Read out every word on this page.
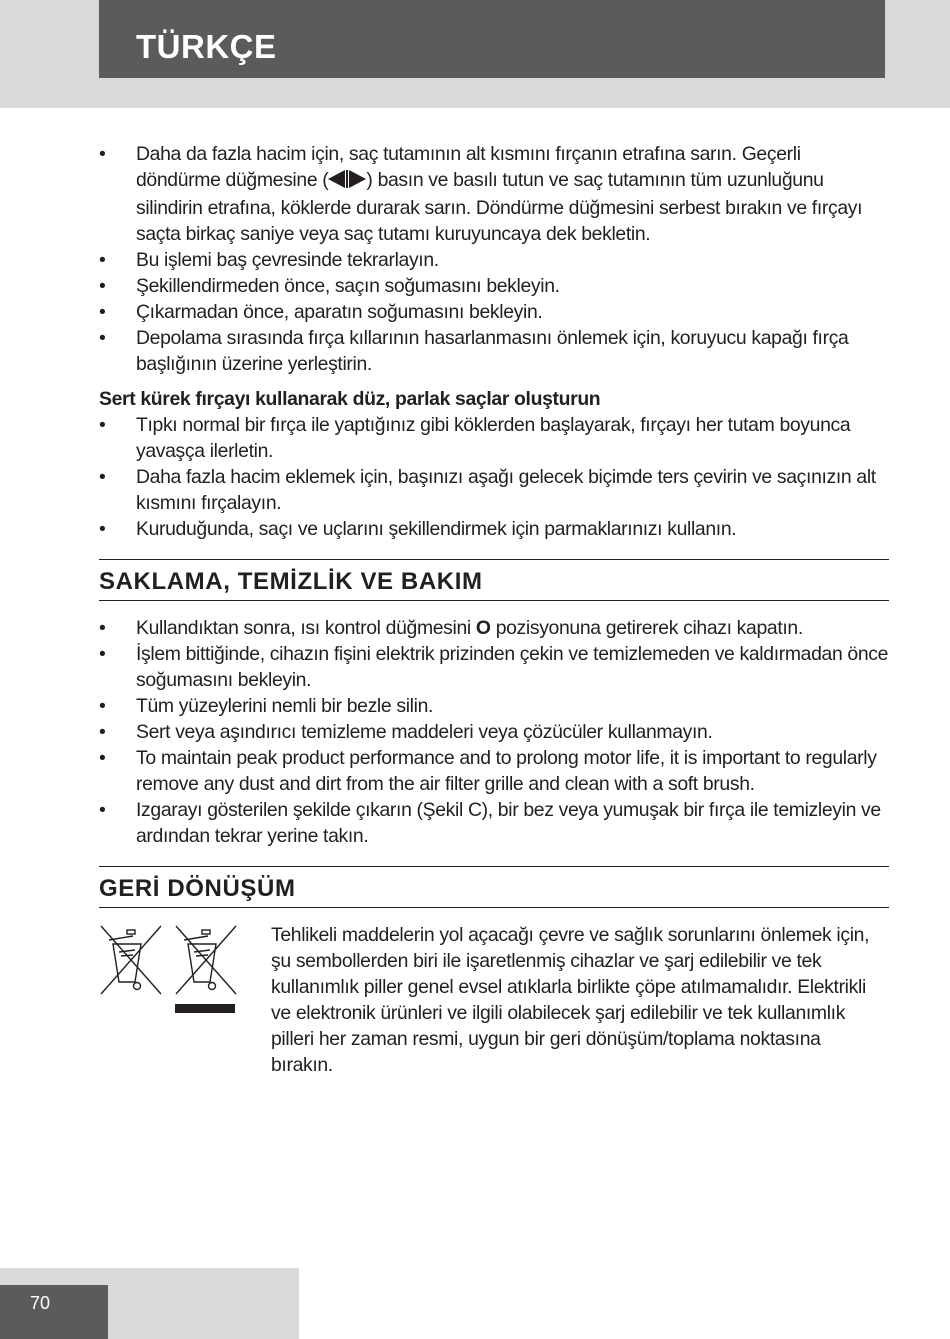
TÜRKÇE
• Daha da fazla hacim için, saç tutamının alt kısmını fırçanın etrafına sarın. Geçerli döndürme düğmesine ( ) basın ve basılı tutun ve saç tutamının tüm uzunluğunu silindirin etrafına, köklerde durarak sarın. Döndürme düğmesini serbest bırakın ve fırçayı saçta birkaç saniye veya saç tutamı kuruyuncaya dek bekletin.
• Bu işlemi baş çevresinde tekrarlayın.
• Şekillendirmeden önce, saçın soğumasını bekleyin.
• Çıkarmadan önce, aparatın soğumasını bekleyin.
• Depolama sırasında fırça kıllarının hasarlanmasını önlemek için, koruyucu kapağı fırça başlığının üzerine yerleştirin.
Sert kürek fırçayı kullanarak düz, parlak saçlar oluşturun
• Tıpkı normal bir fırça ile yaptığınız gibi köklerden başlayarak, fırçayı her tutam boyunca yavaşça ilerletin.
• Daha fazla hacim eklemek için, başınızı aşağı gelecek biçimde ters çevirin ve saçınızın alt kısmını fırçalayın.
• Kuruduğunda, saçı ve uçlarını şekillendirmek için parmaklarınızı kullanın.
SAKLAMA, TEMİZLİK VE BAKIM
• Kullandıktan sonra, ısı kontrol düğmesini O pozisyonuna getirerek cihazı kapatın.
• İşlem bittiğinde, cihazın fişini elektrik prizinden çekin ve temizlemeden ve kaldırmadan önce soğumasını bekleyin.
• Tüm yüzeylerini nemli bir bezle silin.
• Sert veya aşındırıcı temizleme maddeleri veya çözücüler kullanmayın.
• To maintain peak product performance and to prolong motor life, it is important to regularly remove any dust and dirt from the air filter grille and clean with a soft brush.
• Izgarayı gösterilen şekilde çıkarın (Şekil C), bir bez veya yumuşak bir fırça ile temizleyin ve ardından tekrar yerine takın.
GERİ DÖNÜŞÜM
Tehlikeli maddelerin yol açacağı çevre ve sağlık sorunlarını önlemek için, şu sembollerden biri ile işaretlenmiş cihazlar ve şarj edilebilir ve tek kullanımlık piller genel evsel atıklarla birlikte çöpe atılmamalıdır. Elektrikli ve elektronik ürünleri ve ilgili olabilecek şarj edilebilir ve tek kullanımlık pilleri her zaman resmi, uygun bir geri dönüşüm/toplama noktasına bırakın.
70
